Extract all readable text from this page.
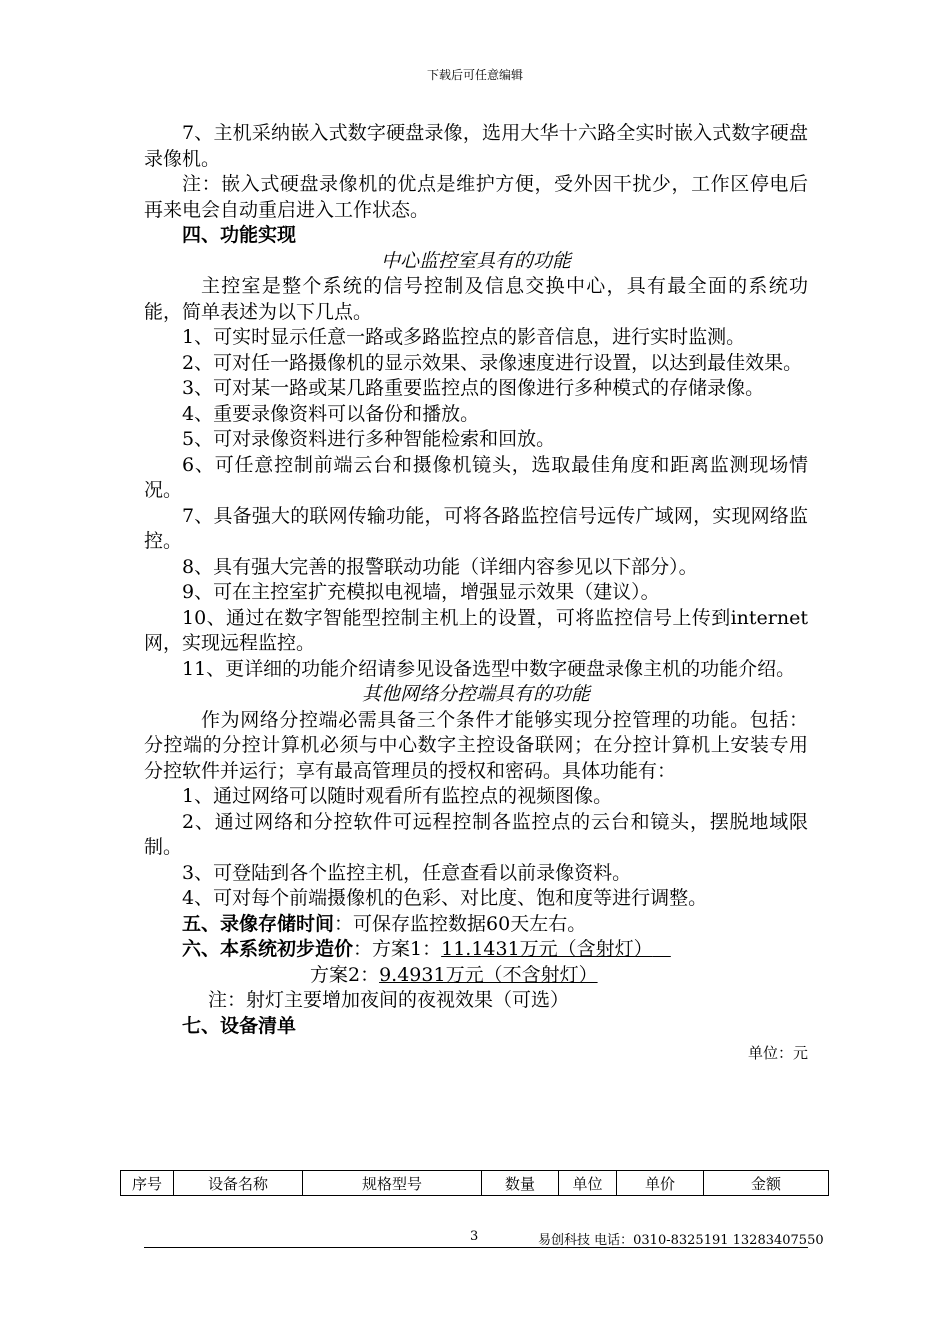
下载后可任意编辑

7、主机采纳嵌入式数字硬盘录像，选用大华十六路全实时嵌入式数字硬盘录像机。

注：嵌入式硬盘录像机的优点是维护方便，受外因干扰少，工作区停电后再来电会自动重启进入工作状态。

四、功能实现

中心监控室具有的功能

主控室是整个系统的信号控制及信息交换中心，具有最全面的系统功能，简单表述为以下几点。

1、可实时显示任意一路或多路监控点的影音信息，进行实时监测。

2、可对任一路摄像机的显示效果、录像速度进行设置，以达到最佳效果。

3、可对某一路或某几路重要监控点的图像进行多种模式的存储录像。

4、重要录像资料可以备份和播放。

5、可对录像资料进行多种智能检索和回放。

6、可任意控制前端云台和摄像机镜头，选取最佳角度和距离监测现场情况。

7、具备强大的联网传输功能，可将各路监控信号远传广域网，实现网络监控。

8、具有强大完善的报警联动功能（详细内容参见以下部分）。

9、可在主控室扩充模拟电视墙，增强显示效果（建议）。

10、通过在数字智能型控制主机上的设置，可将监控信号上传到internet网，实现远程监控。

11、更详细的功能介绍请参见设备选型中数字硬盘录像主机的功能介绍。

其他网络分控端具有的功能

作为网络分控端必需具备三个条件才能够实现分控管理的功能。包括：分控端的分控计算机必须与中心数字主控设备联网；在分控计算机上安装专用分控软件并运行；享有最高管理员的授权和密码。具体功能有：

1、通过网络可以随时观看所有监控点的视频图像。

2、通过网络和分控软件可远程控制各监控点的云台和镜头，摆脱地域限制。

3、可登陆到各个监控主机，任意查看以前录像资料。

4、可对每个前端摄像机的色彩、对比度、饱和度等进行调整。

五、录像存储时间：可保存监控数据60天左右。

六、本系统初步造价：方案1：11.1431万元（含射灯）

方案2：9.4931万元（不含射灯）

注：射灯主要增加夜间的夜视效果（可选）

七、设备清单

单位：元

序号	设备名称	规格型号	数量	单位	单价	金额
3	易创科技 电话：0310-8325191 13283407550
